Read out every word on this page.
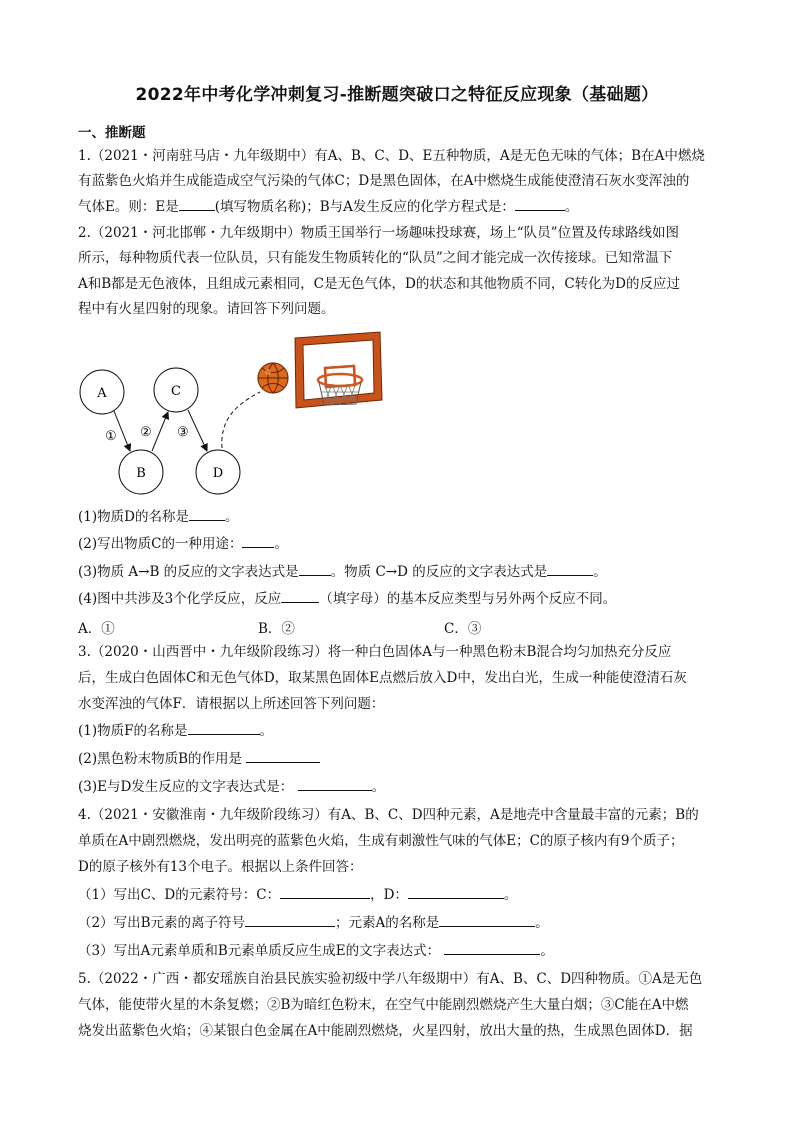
2022年中考化学冲刺复习-推断题突破口之特征反应现象（基础题）
一、推断题
1.（2021・河南驻马店・九年级期中）有A、B、C、D、E五种物质，A是无色无味的气体；B在A中燃烧
有蓝紫色火焰并生成能造成空气污染的气体C；D是黑色固体，在A中燃烧生成能使澄清石灰水变浑浊的
气体E。则：E是	(填写物质名称)；B与A发生反应的化学方程式是：	。
2.（2021・河北邯郸・九年级期中）物质王国举行一场趣味投球赛，场上“队员”位置及传球路线如图
所示，每种物质代表一位队员，只有能发生物质转化的“队员”之间才能完成一次传接球。已知常温下
A和B都是无色液体，且组成元素相同，C是无色气体，D的状态和其他物质不同，C转化为D的反应过
程中有火星四射的现象。请回答下列问题。
A	C
B	D
① ② ③
(1)物质D的名称是	。
(2)写出物质C的一种用途： 。
(3)物质 A→B 的反应的文字表达式是 。物质 C→D 的反应的文字表达式是	。
(4)图中共涉及3个化学反应，反应	（填字母）的基本反应类型与另外两个反应不同。
A．①	B．②	C．③
3.（2020・山西晋中・九年级阶段练习）将一种白色固体A与一种黑色粉末B混合均匀加热充分反应
后，生成白色固体C和无色气体D，取某黑色固体E点燃后放入D中，发出白光，生成一种能使澄清石灰
水变浑浊的气体F．请根据以上所述回答下列问题：
(1)物质F的名称是	。
(2)黑色粉末物质B的作用是
(3)E与D发生反应的文字表达式是：	。
4.（2021・安徽淮南・九年级阶段练习）有A、B、C、D四种元素，A是地壳中含量最丰富的元素；B的
单质在A中剧烈燃烧，发出明亮的蓝紫色火焰，生成有刺激性气味的气体E；C的原子核内有9个质子；
D的原子核外有13个电子。根据以上条件回答：
（1）写出C、D的元素符号：C：	，D：	。
（2）写出B元素的离子符号	；元素A的名称是	。
（3）写出A元素单质和B元素单质反应生成E的文字表达式：	。
5.（2022・广西・都安瑶族自治县民族实验初级中学八年级期中）有A、B、C、D四种物质。①A是无色
气体，能使带火星的木条复燃；②B为暗红色粉末，在空气中能剧烈燃烧产生大量白烟；③C能在A中燃
烧发出蓝紫色火焰；④某银白色金属在A中能剧烈燃烧，火星四射，放出大量的热，生成黑色固体D．据
